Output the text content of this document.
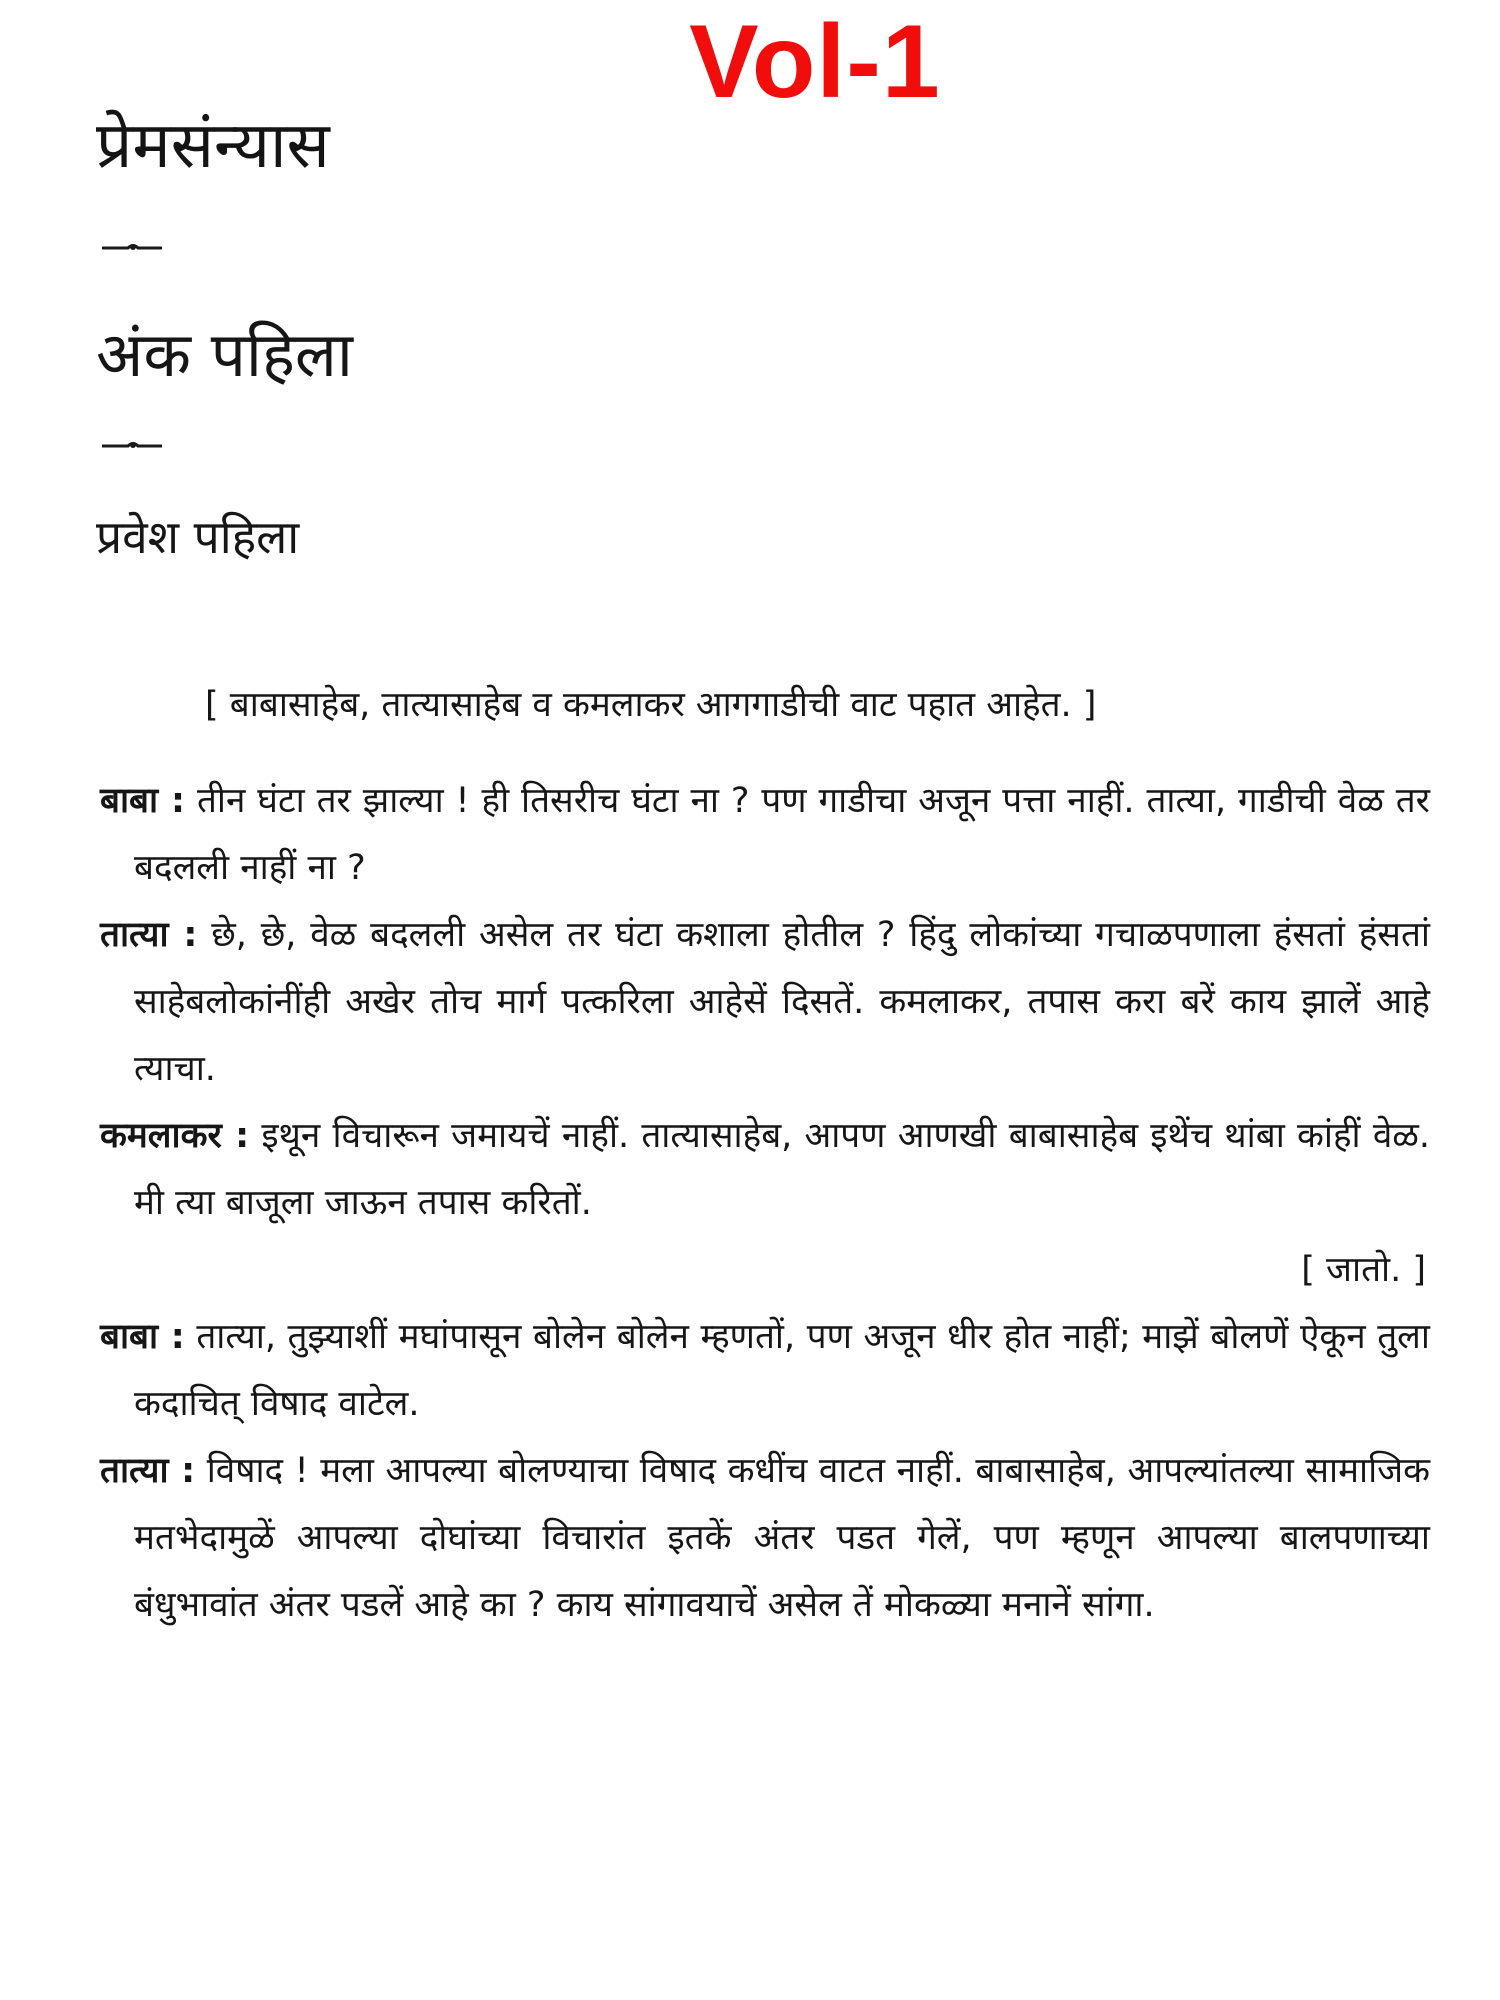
Vol-1
प्रेमसंन्यास
अंक पहिला
प्रवेश पहिला
[ बाबासाहेब, तात्यासाहेब व कमलाकर आगगाडीची वाट पहात आहेत. ]

बाबा : तीन घंटा तर झाल्या ! ही तिसरीच घंटा ना ? पण गाडीचा अजून पत्ता नाहीं. तात्या, गाडीची वेळ तर बदलली नाहीं ना ?

तात्या : छे, छे, वेळ बदलली असेल तर घंटा कशाला होतील ? हिंदु लोकांच्या गचाळपणाला हंसतां हंसतां साहेबलोकांनींही अखेर तोच मार्ग पत्करिला आहेसें दिसतें. कमलाकर, तपास करा बरें काय झालें आहे त्याचा.

कमलाकर : इथून विचारून जमायचें नाहीं. तात्यासाहेब, आपण आणखी बाबासाहेब इथेंच थांबा कांहीं वेळ. मी त्या बाजूला जाऊन तपास करितों.

[ जातो. ]

बाबा : तात्या, तुझ्याशीं मघांपासून बोलेन बोलेन म्हणतों, पण अजून धीर होत नाहीं; माझें बोलणें ऐकून तुला कदाचित् विषाद वाटेल.

तात्या : विषाद ! मला आपल्या बोलण्याचा विषाद कधींच वाटत नाहीं. बाबासाहेब, आपल्यांतल्या सामाजिक मतभेदामुळें आपल्या दोघांच्या विचारांत इतकें अंतर पडत गेलें, पण म्हणून आपल्या बालपणाच्या बंधुभावांत अंतर पडलें आहे का ? काय सांगावयाचें असेल तें मोकळ्या मनानें सांगा.
